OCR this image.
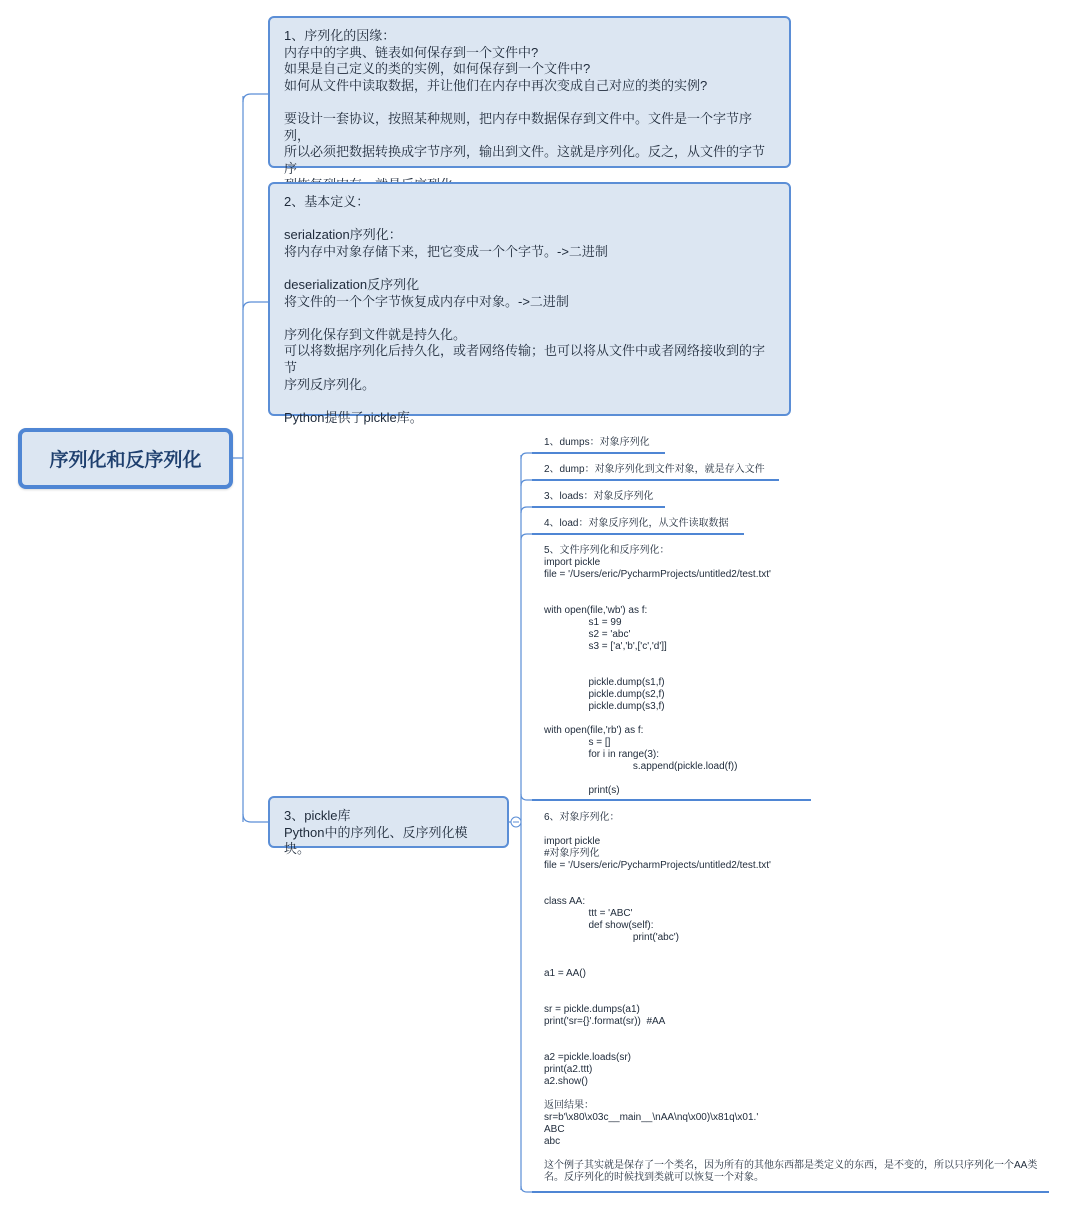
序列化和反序列化
1、序列化的因缘：
内存中的字典、链表如何保存到一个文件中?
如果是自己定义的类的实例，如何保存到一个文件中?
如何从文件中读取数据，并让他们在内存中再次变成自己对应的类的实例?
要设计一套协议，按照某种规则，把内存中数据保存到文件中。文件是一个字节序列，
所以必须把数据转换成字节序列，输出到文件。这就是序列化。反之，从文件的字节序
2、基本定义：
serialzation序列化：
将内存中对象存储下来，把它变成一个个字节。->二进制
deserialization反序列化
将文件的一个个字节恢复成内存中对象。->二进制
序列化保存到文件就是持久化。
可以将数据序列化后持久化，或者网络传输；也可以将从文件中或者网络接收到的字节
序列反序列化。
Python提供了pickle库。
3、pickle库
Python中的序列化、反序列化模块。
1、dumps：对象序列化
2、dump：对象序列化到文件对象，就是存入文件
3、loads：对象反序列化
4、load：对象反序列化，从文件读取数据
5、文件序列化和反序列化：
import pickle
file = '/Users/eric/PycharmProjects/untitled2/test.txt'
with open(file,'wb') as f:
s1 = 99
s2 = 'abc'
s3 = ['a','b',['c','d']]
pickle.dump(s1,f)
pickle.dump(s2,f)
pickle.dump(s3,f)
with open(file,'rb') as f:
s = []
for i in range(3):
s.append(pickle.load(f))
print(s)
6、对象序列化：
import pickle
#对象序列化
file = '/Users/eric/PycharmProjects/untitled2/test.txt'
class AA:
ttt = 'ABC'
def show(self):
print('abc')
a1 = AA()
sr = pickle.dumps(a1)
print('sr={}'.format(sr))  #AA
a2 =pickle.loads(sr)
print(a2.ttt)
a2.show()
返回结果：
sr=b'\x80\x03c__main__\nAA\nq\x00)\x81q\x01.'
ABC
abc
这个例子其实就是保存了一个类名，因为所有的其他东西都是类定义的东西，是不变的，所以只序列化一个AA类
名。反序列化的时候找到类就可以恢复一个对象。
